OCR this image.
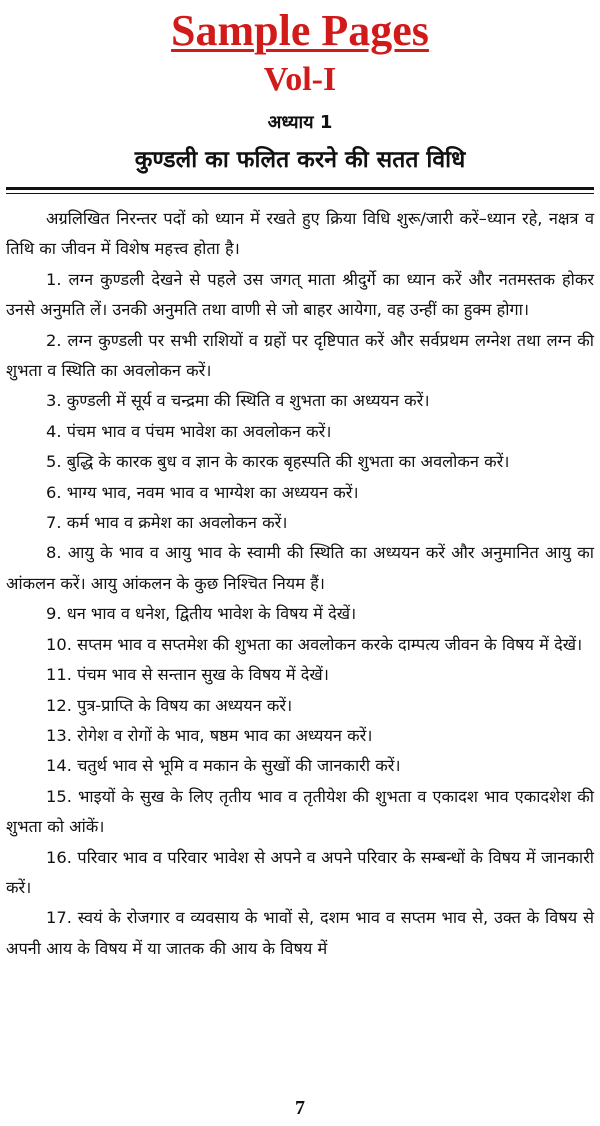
Sample Pages
Vol-I
अध्याय 1
कुण्डली का फलित करने की सतत विधि

अग्रलिखित निरन्तर पदों को ध्यान में रखते हुए क्रिया विधि शुरू/जारी करें–ध्यान रहे, नक्षत्र व तिथि का जीवन में विशेष महत्त्व होता है।

1. लग्न कुण्डली देखने से पहले उस जगत् माता श्रीदुर्गे का ध्यान करें और नतमस्तक होकर उनसे अनुमति लें। उनकी अनुमति तथा वाणी से जो बाहर आयेगा, वह उन्हीं का हुक्म होगा।

2. लग्न कुण्डली पर सभी राशियों व ग्रहों पर दृष्टिपात करें और सर्वप्रथम लग्नेश तथा लग्न की शुभता व स्थिति का अवलोकन करें।

3. कुण्डली में सूर्य व चन्द्रमा की स्थिति व शुभता का अध्ययन करें।

4. पंचम भाव व पंचम भावेश का अवलोकन करें।

5. बुद्धि के कारक बुध व ज्ञान के कारक बृहस्पति की शुभता का अवलोकन करें।

6. भाग्य भाव, नवम भाव व भाग्येश का अध्ययन करें।

7. कर्म भाव व क्रमेश का अवलोकन करें।

8. आयु के भाव व आयु भाव के स्वामी की स्थिति का अध्ययन करें और अनुमानित आयु का आंकलन करें। आयु आंकलन के कुछ निश्चित नियम हैं।

9. धन भाव व धनेश, द्वितीय भावेश के विषय में देखें।

10. सप्तम भाव व सप्तमेश की शुभता का अवलोकन करके दाम्पत्य जीवन के विषय में देखें।

11. पंचम भाव से सन्तान सुख के विषय में देखें।

12. पुत्र-प्राप्ति के विषय का अध्ययन करें।

13. रोगेश व रोगों के भाव, षष्ठम भाव का अध्ययन करें।

14. चतुर्थ भाव से भूमि व मकान के सुखों की जानकारी करें।

15. भाइयों के सुख के लिए तृतीय भाव व तृतीयेश की शुभता व एकादश भाव एकादशेश की शुभता को आंकें।

16. परिवार भाव व परिवार भावेश से अपने व अपने परिवार के सम्बन्धों के विषय में जानकारी करें।

17. स्वयं के रोजगार व व्यवसाय के भावों से, दशम भाव व सप्तम भाव से, उक्त के विषय से अपनी आय के विषय में या जातक की आय के विषय में

7
